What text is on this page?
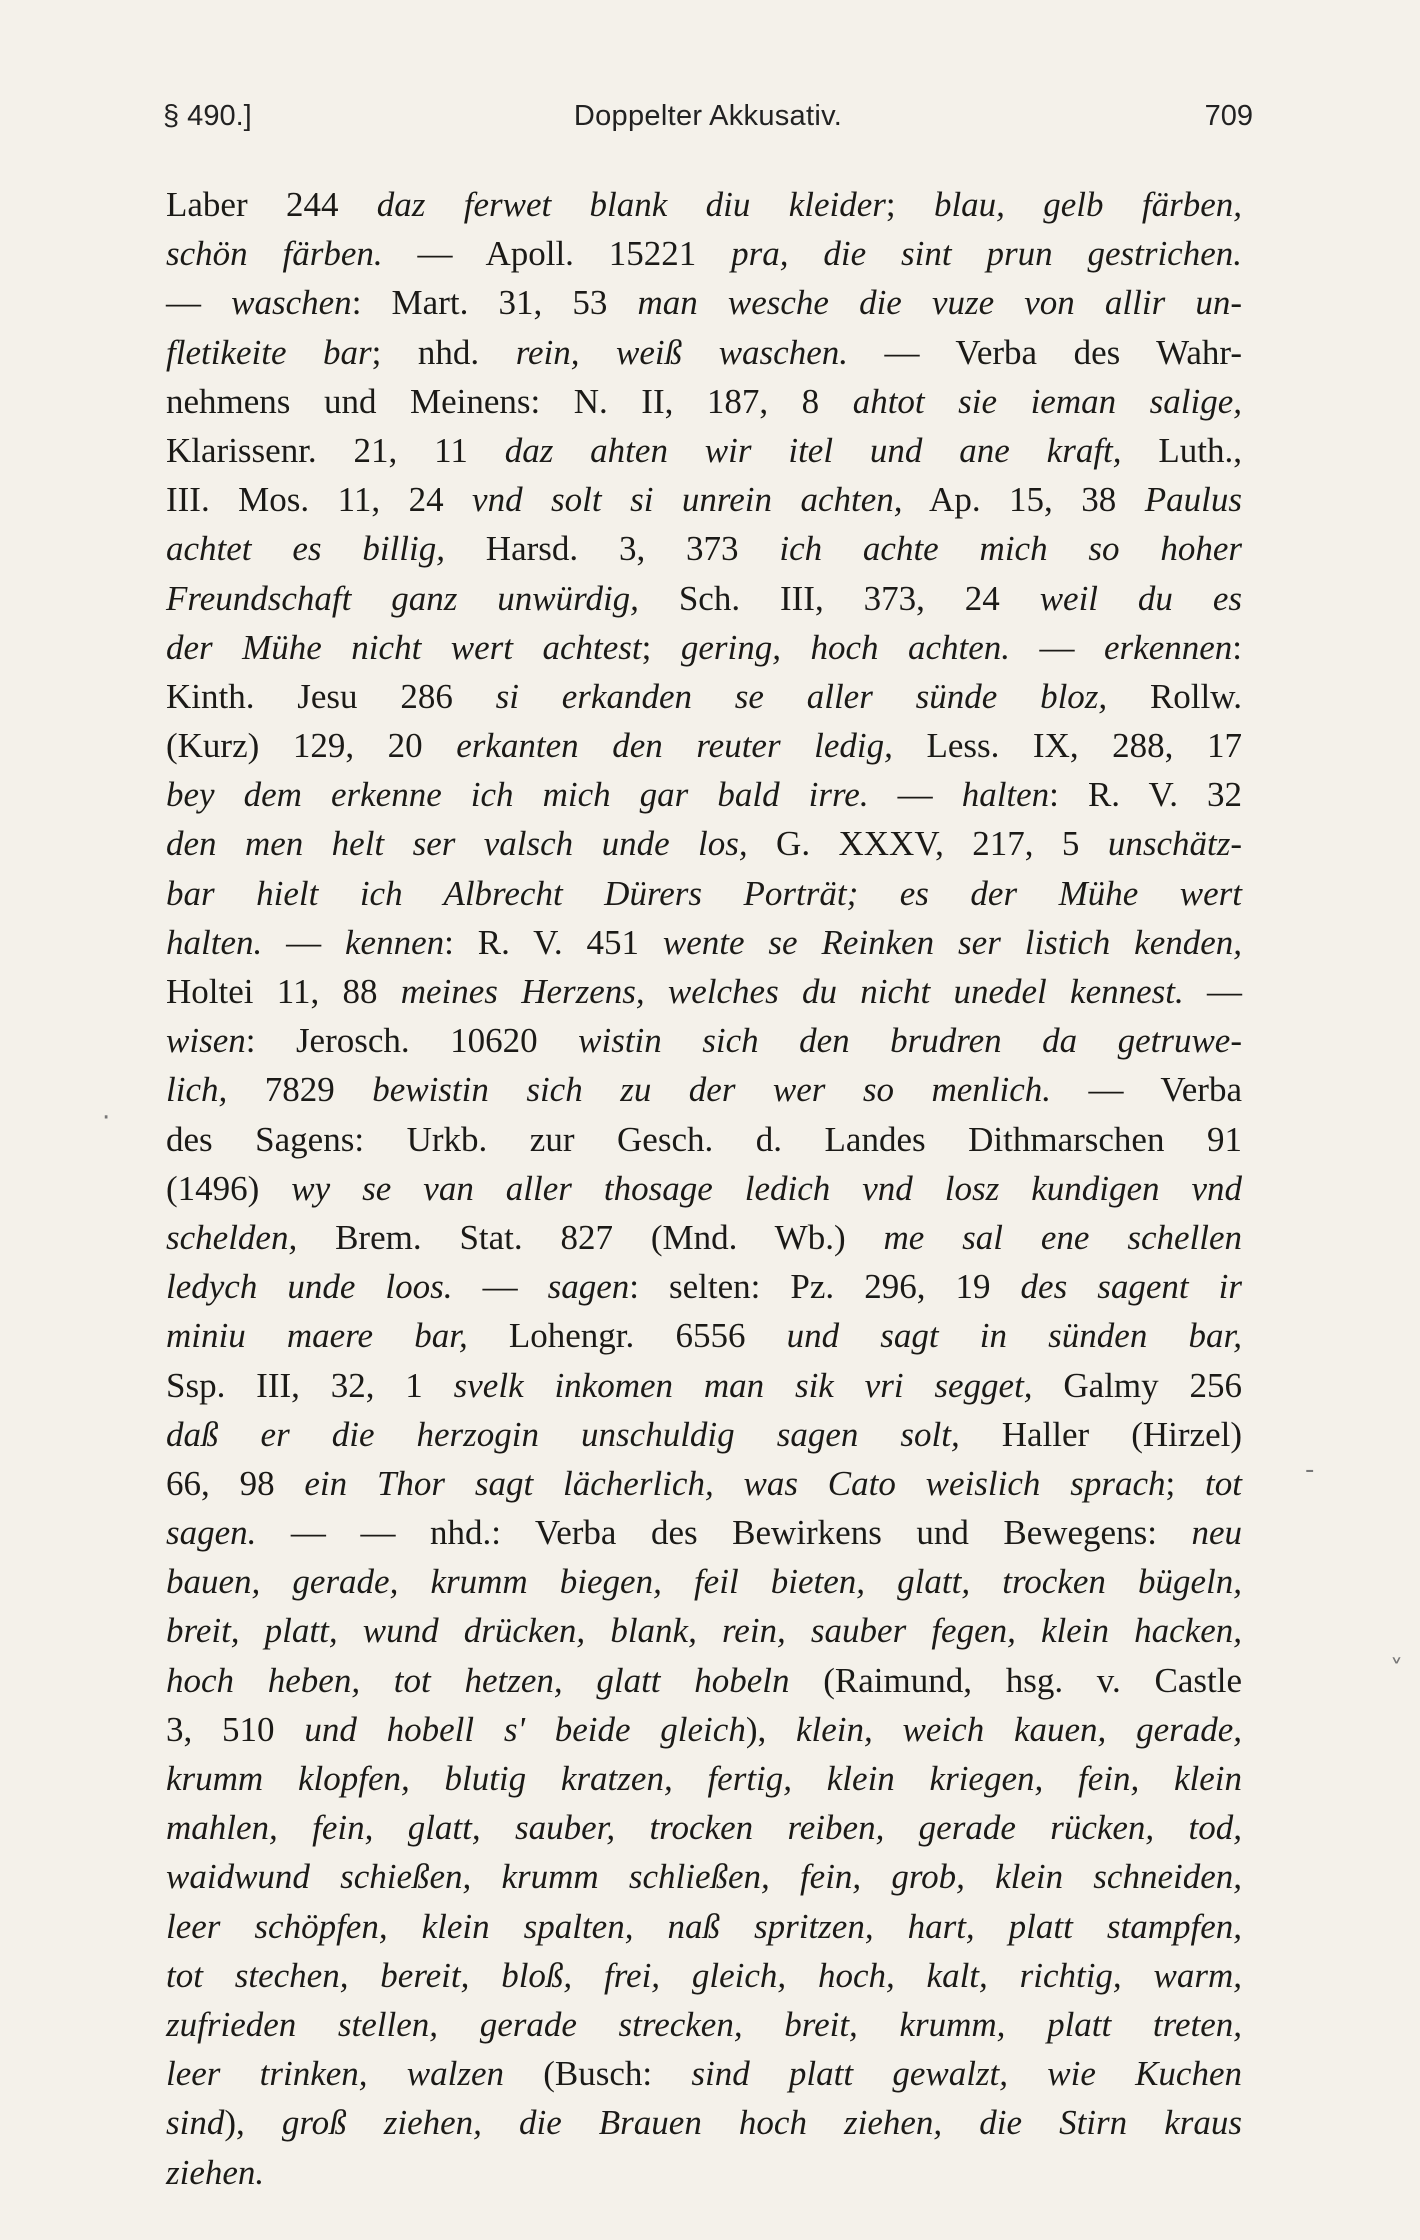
§ 490.]	Doppelter Akkusativ.	709
Laber 244 daz ferwet blank diu kleider; blau, gelb färben,
schön färben. — Apoll. 15221 pra, die sint prun gestrichen.
— waschen: Mart. 31, 53 man wesche die vuze von allir un-
fletikeite bar; nhd. rein, weiß waschen. — Verba des Wahr-
nehmens und Meinens: N. II, 187, 8 ahtot sie ieman salige,
Klarissenr. 21, 11 daz ahten wir itel und ane kraft, Luth.,
III. Mos. 11, 24 vnd solt si unrein achten, Ap. 15, 38 Paulus
achtet es billig, Harsd. 3, 373 ich achte mich so hoher
Freundschaft ganz unwürdig, Sch. III, 373, 24 weil du es
der Mühe nicht wert achtest; gering, hoch achten. — erkennen:
Kinth. Jesu 286 si erkanden se aller sünde bloz, Rollw.
(Kurz) 129, 20 erkanten den reuter ledig, Less. IX, 288, 17
bey dem erkenne ich mich gar bald irre. — halten: R. V. 32
den men helt ser valsch unde los, G. XXXV, 217, 5 unschätz-
bar hielt ich Albrecht Dürers Porträt; es der Mühe wert
halten. — kennen: R. V. 451 wente se Reinken ser listich kenden,
Holtei 11, 88 meines Herzens, welches du nicht unedel kennest. —
wisen: Jerosch. 10620 wistin sich den brudren da getruwe-
lich, 7829 bewistin sich zu der wer so menlich. — Verba
des Sagens: Urkb. zur Gesch. d. Landes Dithmarschen 91
(1496) wy se van aller thosage ledich vnd losz kundigen vnd
schelden, Brem. Stat. 827 (Mnd. Wb.) me sal ene schellen
ledych unde loos. — sagen: selten: Pz. 296, 19 des sagent ir
miniu maere bar, Lohengr. 6556 und sagt in sünden bar,
Ssp. III, 32, 1 svelk inkomen man sik vri segget, Galmy 256
daß er die herzogin unschuldig sagen solt, Haller (Hirzel)
66, 98 ein Thor sagt lächerlich, was Cato weislich sprach; tot
sagen. — — nhd.: Verba des Bewirkens und Bewegens: neu
bauen, gerade, krumm biegen, feil bieten, glatt, trocken bügeln,
breit, platt, wund drücken, blank, rein, sauber fegen, klein hacken,
hoch heben, tot hetzen, glatt hobeln (Raimund, hsg. v. Castle
3, 510 und hobell s' beide gleich), klein, weich kauen, gerade,
krumm klopfen, blutig kratzen, fertig, klein kriegen, fein, klein
mahlen, fein, glatt, sauber, trocken reiben, gerade rücken, tod,
waidwund schießen, krumm schließen, fein, grob, klein schneiden,
leer schöpfen, klein spalten, naß spritzen, hart, platt stampfen,
tot stechen, bereit, bloß, frei, gleich, hoch, kalt, richtig, warm,
zufrieden stellen, gerade strecken, breit, krumm, platt treten,
leer trinken, walzen (Busch: sind platt gewalzt, wie Kuchen
sind), groß ziehen, die Brauen hoch ziehen, die Stirn kraus
ziehen.
·
-
˅
